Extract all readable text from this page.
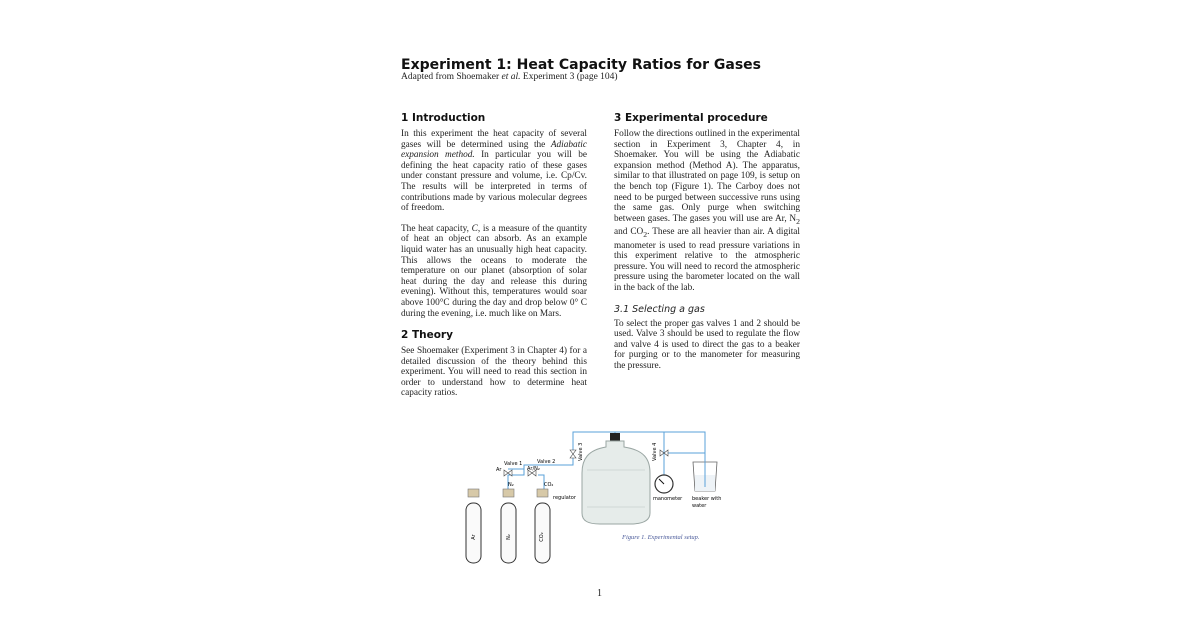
Experiment 1: Heat Capacity Ratios for Gases
Adapted from Shoemaker et al. Experiment 3 (page 104)
1 Introduction

In this experiment the heat capacity of several gases will be determined using the Adiabatic expansion method. In particular you will be defining the heat capacity ratio of these gases under constant pressure and volume, i.e. Cp/Cv. The results will be interpreted in terms of contributions made by various molecular degrees of freedom.

The heat capacity, C, is a measure of the quantity of heat an object can absorb. As an example liquid water has an unusually high heat capacity. This allows the oceans to moderate the temperature on our planet (absorption of solar heat during the day and release this during evening). Without this, temperatures would soar above 100°C during the day and drop below 0° C during the evening, i.e. much like on Mars.

2 Theory

See Shoemaker (Experiment 3 in Chapter 4) for a detailed discussion of the theory behind this experiment. You will need to read this section in order to understand how to determine heat capacity ratios.

3 Experimental procedure

Follow the directions outlined in the experimental section in Experiment 3, Chapter 4, in Shoemaker. You will be using the Adiabatic expansion method (Method A). The apparatus, similar to that illustrated on page 109, is setup on the bench top (Figure 1). The Carboy does not need to be purged between successive runs using the same gas. Only purge when switching between gases. The gases you will use are Ar, $N_2$ and $CO_2$. These are all heavier than air. A digital manometer is used to read pressure variations in this experiment relative to the atmospheric pressure. You will need to record the atmospheric pressure using the barometer located on the wall in the back of the lab.

3.1 Selecting a gas

To select the proper gas valves 1 and 2 should be used. Valve 3 should be used to regulate the flow and valve 4 is used to direct the gas to a beaker for purging or to the manometer for measuring the pressure.

Ar	N₂	CO₂
Valve 1
Ar
N₂
Valve 2
Ar/N₂
CO₂
Valve 3	Valve 4
regulator	manometer beaker with
water
Figure 1. Experimental setup.
1
